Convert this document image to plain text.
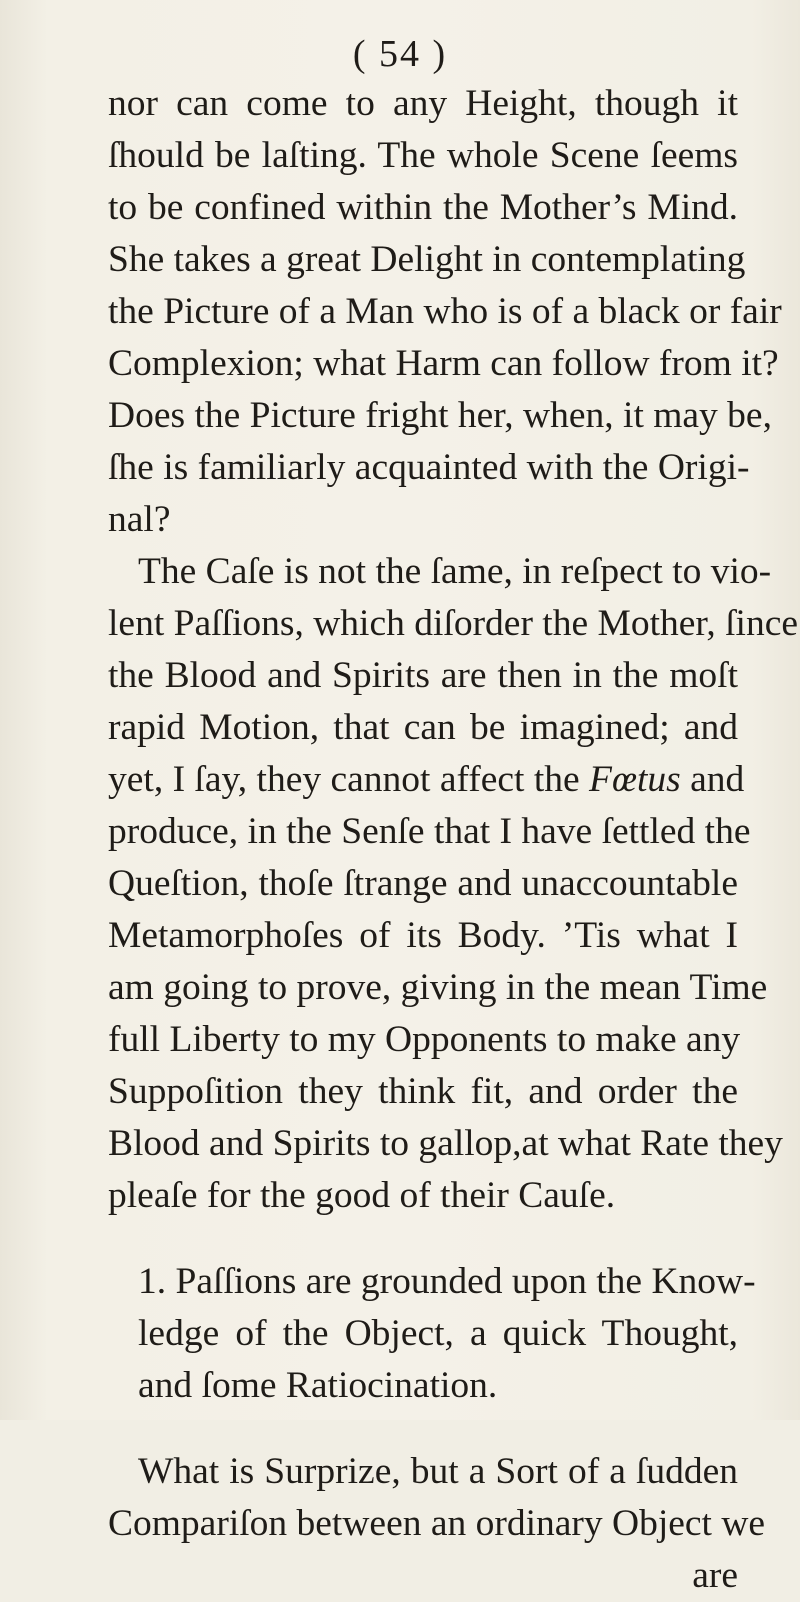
( 54 )
nor can come to any Height, though it
ſhould be laſting. The whole Scene ſeems
to be confined within the Mother’s Mind.
She takes a great Delight in contemplating
the Picture of a Man who is of a black or fair
Complexion; what Harm can follow from it?
Does the Picture fright her, when, it may be,
ſhe is familiarly acquainted with the Origi-
nal?
The Caſe is not the ſame, in reſpect to vio-
lent Paſſions, which diſorder the Mother, ſince
the Blood and Spirits are then in the moſt
rapid Motion, that can be imagined; and
yet, I ſay, they cannot affect the Fœtus and
produce, in the Senſe that I have ſettled the
Queſtion, thoſe ſtrange and unaccountable
Metamorphoſes of its Body. ’Tis what I
am going to prove, giving in the mean Time
full Liberty to my Opponents to make any
Suppoſition they think fit, and order the
Blood and Spirits to gallop,at what Rate they
pleaſe for the good of their Cauſe.
1. Paſſions are grounded upon the Know-
ledge of the Object, a quick Thought,
and ſome Ratiocination.
What is Surprize, but a Sort of a ſudden
Compariſon between an ordinary Object we
are
